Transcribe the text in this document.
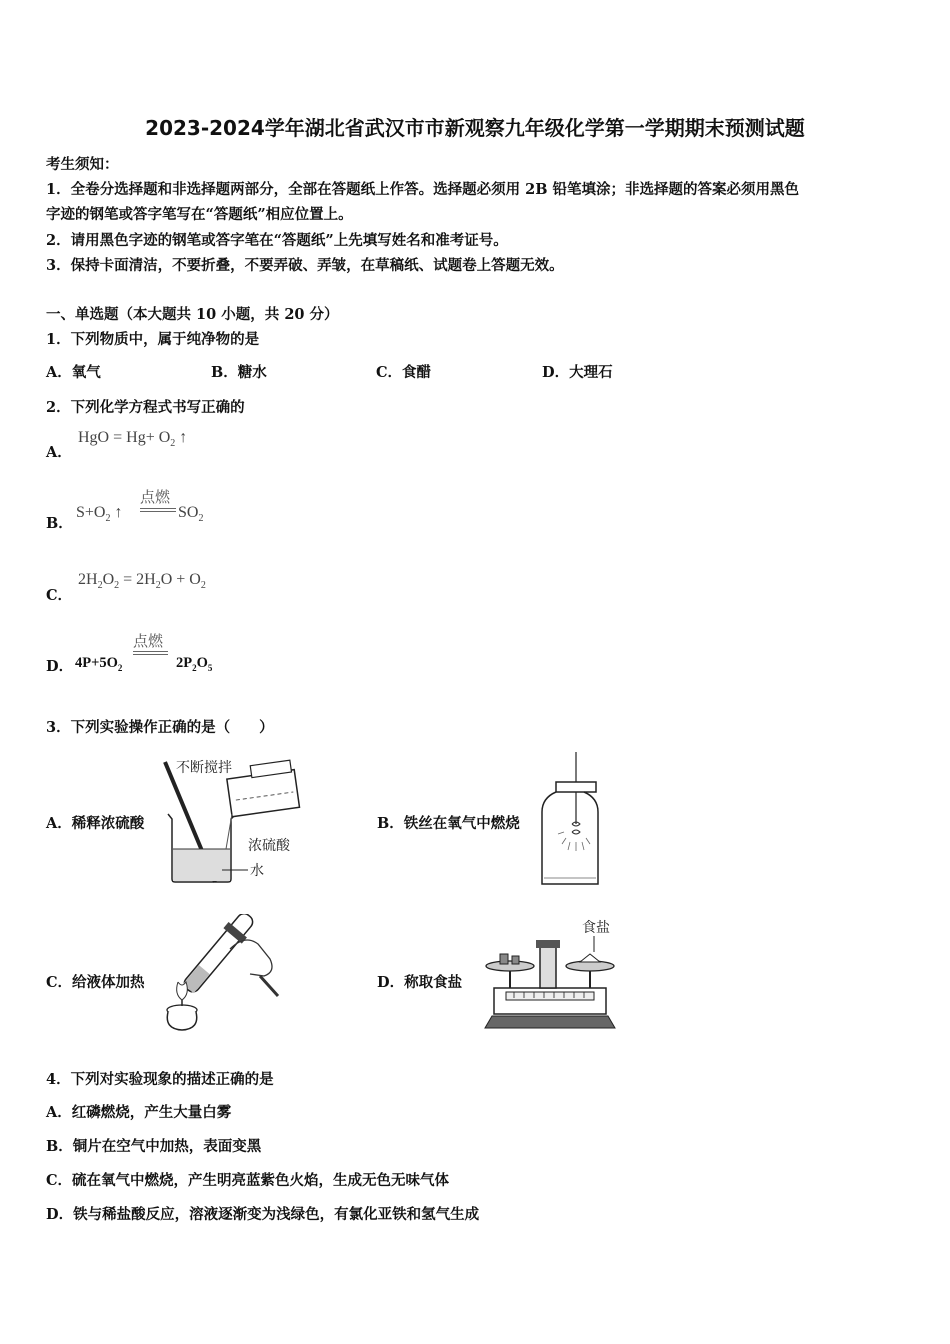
2023-2024学年湖北省武汉市市新观察九年级化学第一学期期末预测试题
考生须知：
1．全卷分选择题和非选择题两部分，全部在答题纸上作答。选择题必须用 2B 铅笔填涂；非选择题的答案必须用黑色
字迹的钢笔或答字笔写在“答题纸”相应位置上。
2．请用黑色字迹的钢笔或答字笔在“答题纸”上先填写姓名和准考证号。
3．保持卡面清洁，不要折叠，不要弄破、弄皱，在草稿纸、试题卷上答题无效。
一、单选题（本大题共 10 小题，共 20 分）
1．下列物质中，属于纯净物的是
A．氧气	B．糖水	C．食醋	D．大理石
2．下列化学方程式书写正确的
A．
HgO = $Hg+ O_2$ ↑
B．
$S+O_2$ ↑
点燃
$SO_2$
C．
$2H_2O_2 = 2H_2O + O_2$
D． $4P+5O_2$
点燃
$2P_2O_5$
3．下列实验操作正确的是（　　）
A．稀释浓硫酸
不断搅拌
浓硫酸
水
B．铁丝在氧气中燃烧
C．给液体加热	D．称取食盐
食盐
4．下列对实验现象的描述正确的是
A．红磷燃烧，产生大量白雾
B．铜片在空气中加热，表面变黑
C．硫在氧气中燃烧，产生明亮蓝紫色火焰，生成无色无味气体
D．铁与稀盐酸反应，溶液逐渐变为浅绿色，有氯化亚铁和氢气生成
